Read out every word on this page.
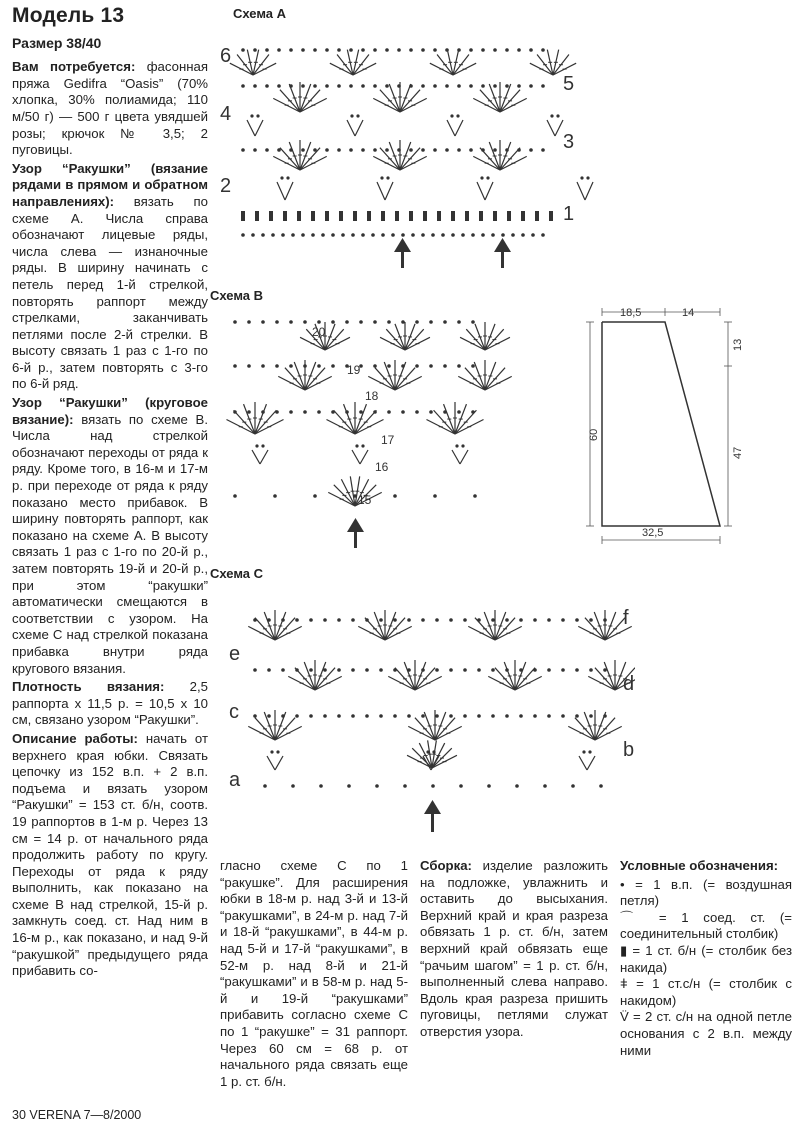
Модель 13
Размер 38/40

Вам потребуется: фасонная пряжа Gedifra “Oasis” (70% хлопка, 30% полиамида; 110 м/50 г) — 500 г цвета увядшей розы; крючок № 3,5; 2 пуговицы.

Узор “Ракушки” (вязание рядами в прямом и обратном направлениях): вязать по схеме А. Числа справа обозначают лицевые ряды, числа слева — изнаночные ряды. В ширину начинать с петель перед 1-й стрелкой, повторять раппорт между стрелками, заканчивать петлями после 2-й стрелки. В высоту связать 1 раз с 1-го по 6-й р., затем повторять с 3-го по 6-й ряд.

Узор “Ракушки” (круговое вязание): вязать по схеме В. Числа над стрелкой обозначают переходы от ряда к ряду. Кроме того, в 16-м и 17-м р. при переходе от ряда к ряду показано место прибавок. В ширину повторять раппорт, как показано на схеме А. В высоту связать 1 раз с 1-го по 20-й р., затем повторять 19-й и 20-й р., при этом “ракушки” автоматически смещаются в соответствии с узором. На схеме С над стрелкой показана прибавка внутри ряда кругового вязания.

Плотность вязания: 2,5 раппорта х 11,5 р. = 10,5 х 10 см, связано узором “Ракушки”.

Описание работы: начать от верхнего края юбки. Связать цепочку из 152 в.п. + 2 в.п. подъема и вязать узором “Ракушки” = 153 ст. б/н, соотв. 19 раппортов в 1-м р. Через 13 см = 14 р. от начального ряда продолжить работу по кругу. Переходы от ряда к ряду выполнить, как показано на схеме В над стрелкой, 15-й р. замкнуть соед. ст. Над ним в 16-м р., как показано, и над 9-й “ракушкой” предыдущего ряда прибавить со-

Схема А
6
4
2
5
3
1
Схема В
20
19
18
17
16
15
18,5	14
13
60
47
32,5
Схема С
f
d
b
e
c
a
гласно схеме С по 1 “ракушке”. Для расширения юбки в 18-м р. над 3-й и 13-й “ракушками”, в 24-м р. над 7-й и 18-й “ракушками”, в 44-м р. над 5-й и 17-й “ракушками”, в 52-м р. над 8-й и 21-й “ракушками” и в 58-м р. над 5-й и 19-й “ракушками” прибавить согласно схеме С по 1 “ракушке” = 31 раппорт. Через 60 см = 68 р. от начального ряда связать еще 1 р. ст. б/н.
Сборка: изделие разложить на подложке, увлажнить и оставить до высыхания. Верхний край и края разреза обвязать 1 р. ст. б/н, затем верхний край обвязать еще “рачьим шагом” = 1 р. ст. б/н, выполненный слева направо. Вдоль края разреза пришить пуговицы, петлями служат отверстия узора.
Условные обозначения:
• = 1 в.п. (= воздушная петля)
⌒ = 1 соед. ст. (= соединительный столбик)
▮ = 1 ст. б/н (= столбик без накида)
ǂ = 1 ст.с/н (= столбик с накидом)
V̈ = 2 ст. с/н на одной петле основания с 2 в.п. между ними
30 VERENA 7—8/2000
